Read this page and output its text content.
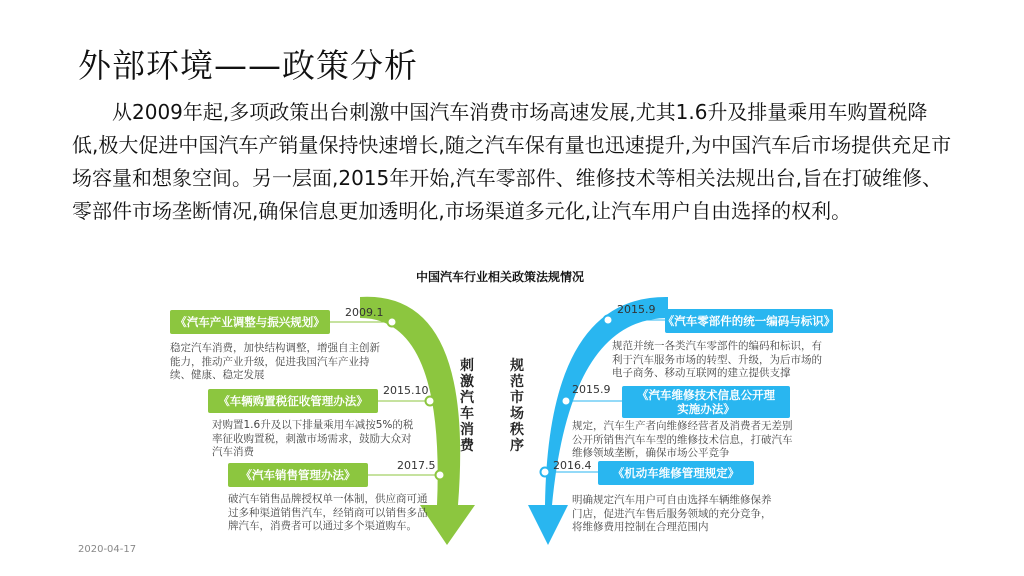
外部环境——政策分析
从2009年起,多项政策出台刺激中国汽车消费市场高速发展,尤其1.6升及排量乘用车购置税降低,极大促进中国汽车产销量保持快速增长,随之汽车保有量也迅速提升,为中国汽车后市场提供充足市场容量和想象空间。另一层面,2015年开始,汽车零部件、维修技术等相关法规出台,旨在打破维修、零部件市场垄断情况,确保信息更加透明化,市场渠道多元化,让汽车用户自由选择的权利。
中国汽车行业相关政策法规情况
刺激汽车消费
规范市场秩序
2009.1
《汽车产业调整与振兴规划》
稳定汽车消费，加快结构调整，增强自主创新能力，推动产业升级，促进我国汽车产业持续、健康、稳定发展
2015.10
《车辆购置税征收管理办法》
对购置1.6升及以下排量乘用车减按5%的税率征收购置税，刺激市场需求，鼓励大众对汽车消费
2017.5
《汽车销售管理办法》
破汽车销售品牌授权单一体制，供应商可通过多种渠道销售汽车，经销商可以销售多品牌汽车，消费者可以通过多个渠道购车。
2015.9
《汽车零部件的统一编码与标识》
规范并统一各类汽车零部件的编码和标识，有利于汽车服务市场的转型、升级，为后市场的电子商务、移动互联网的建立提供支撑
2015.9 《汽车维修技术信息公开理
实施办法》
规定，汽车生产者向维修经营者及消费者无差别公开所销售汽车车型的维修技术信息，打破汽车维修领域垄断，确保市场公平竞争
2016.4
《机动车维修管理规定》
明确规定汽车用户可自由选择车辆维修保养门店，促进汽车售后服务领域的充分竞争，将维修费用控制在合理范围内
2020-04-17
